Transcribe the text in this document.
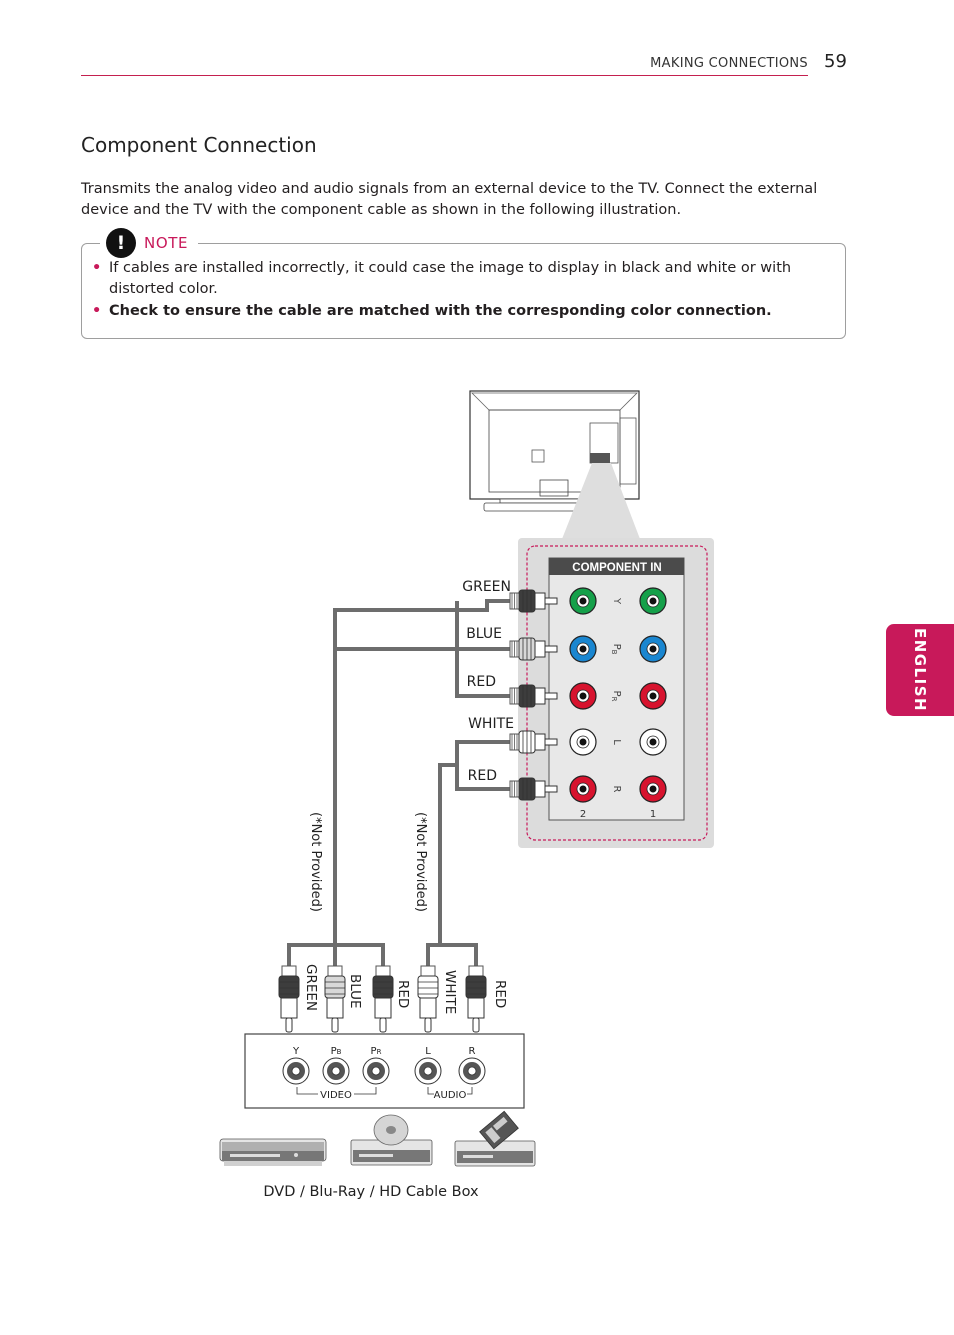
MAKING CONNECTIONS 59
ENGLISH
Component Connection

Transmits the analog video and audio signals from an external device to the TV. Connect the external device and the TV with the component cable as shown in the following illustration.

!	NOTE
• If cables are installed incorrectly, it could case the image to display in black and white or with distorted color.
• Check to ensure the cable are matched with the corresponding color connection.
COMPONENT IN
Y
$P_B$
$P_R$
L
R
2	1
GREEN
BLUE
RED
WHITE
RED
(*Not Provided)	(*Not Provided)
GREEN BLUE RED WHITE	RED
Y	PB	PR	L	R
VIDEO	AUDIO
DVD / Blu-Ray / HD Cable Box
